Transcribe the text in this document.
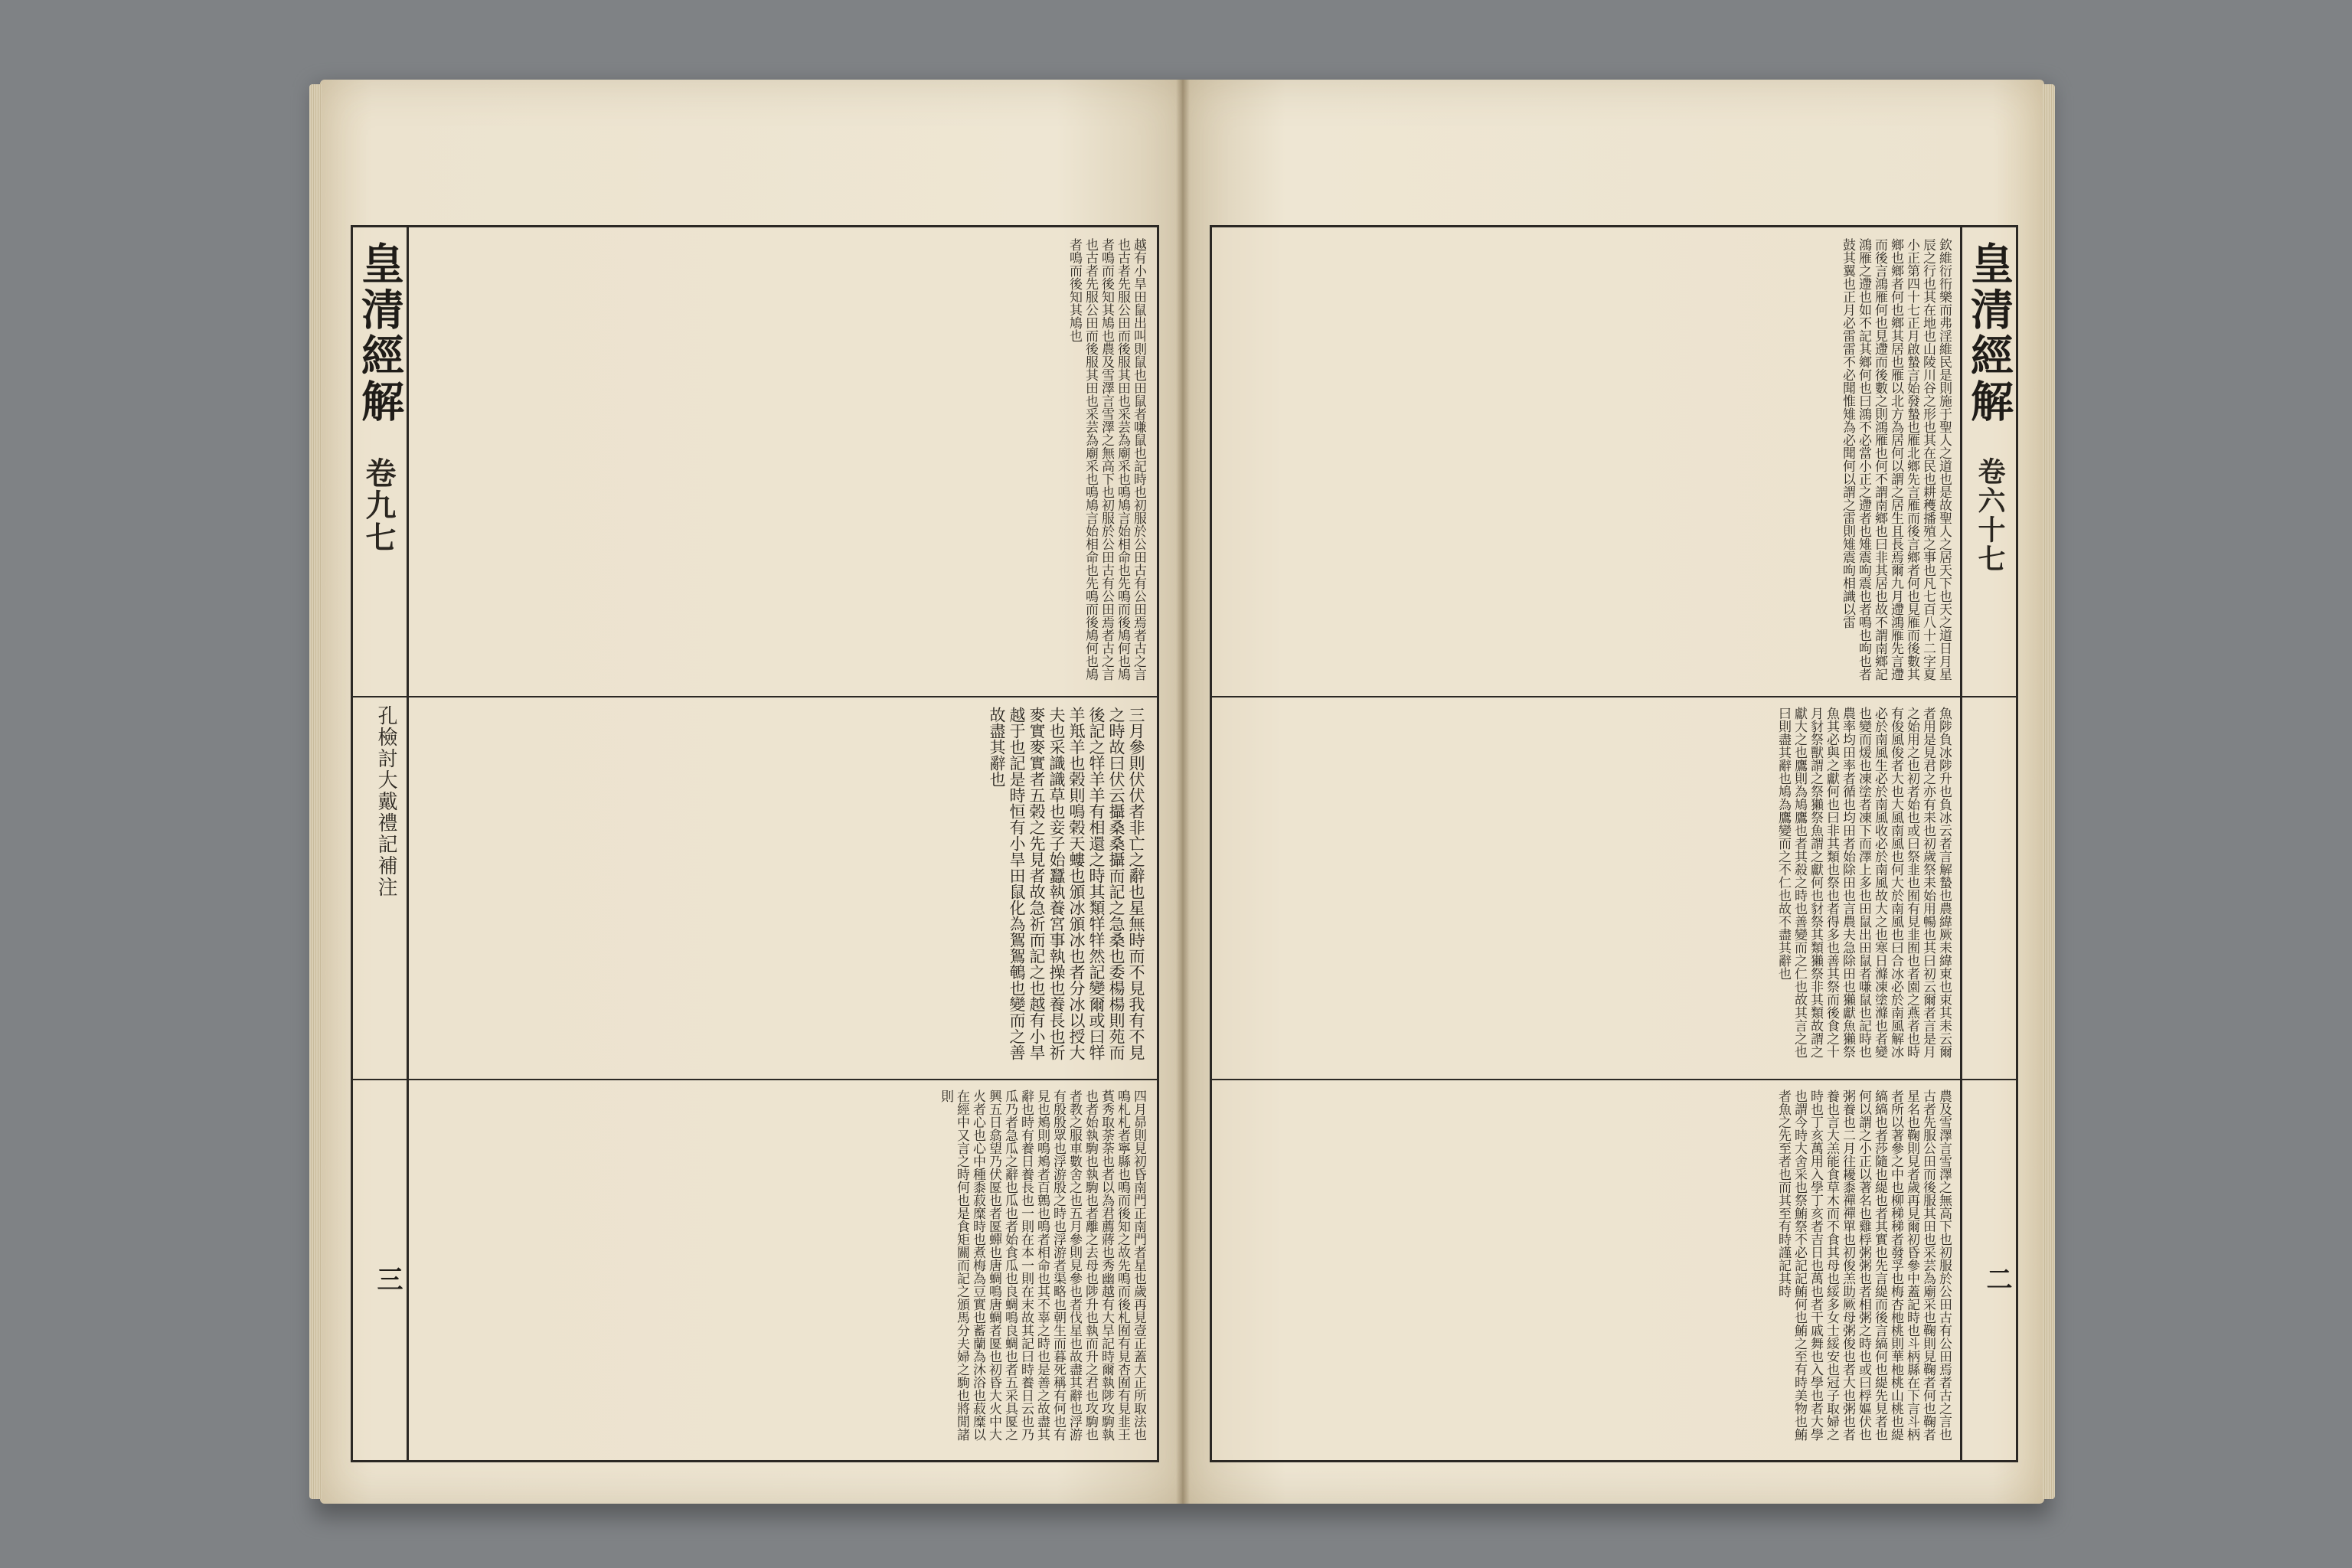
皇清經解
卷九七
孔檢討大戴禮記補注
三

越有小旱田鼠出叫則鼠也田鼠者嗛鼠也記時也初服於公田古有公田焉者古之言也古者先服公田而後服其田也采芸為廟采也鳴鳩言始相命也先鳴而後鳩何也鳩者鳴而後知其鳩也農及雪澤言雪澤之無高下也初服於公田古有公田焉者古之言也古者先服公田而後服其田也采芸為廟采也鳴鳩言始相命也先鳴而後鳩何也鳩者鳴而後知其鳩也

三月參則伏伏者非亡之辭也星無時而不見我有不見之時故曰伏云攝桑桑攝而記之急桑也委楊楊則苑而後記之䍧羊羊有相還之時其類䍧䍧然記變爾或曰䍧羊羝羊也榖則鳴榖天螻也頒冰頒冰也者分冰以授大夫也采識識草也妾子始蠶執養宮事執操也養長也祈麥實麥實者五榖之先見者故急祈而記之也越有小旱越于也記是時恒有小旱田鼠化為鴽鴽鵪也變而之善故盡其辭也

四月昴則見初昏南門正南門者星也歲再見壹正蓋大正所取法也鳴札札者寧縣也鳴而後知之故先鳴而後札囿有見杏囿有見韭王萯秀取荼荼也者以為君薦蔣也秀幽越有大旱記時爾執陟攻駒執也者始執駒也執駒也者離之去母也陟升也執而升之君也攻駒也者教之服車數舍之也五月參則見參也者伐星也故盡其辭也浮游有殷殷眾也浮游殷之時也浮游者渠略也朝生而暮死稱有何也有見也鴂則鳴鴂者百鷯也鳴者相命也其不辜之時也是善之故盡其辭也時有養日養長也一則在本一則在末故其記曰時養日云也乃瓜乃者急瓜之辭也瓜也者始食瓜也良蜩鳴良蜩也者五采具匽之興五日翕望乃伏匽也者匽蟬也唐蜩鳴唐蜩者匽也初昏大火中大火者心也心中種黍菽糜時也煮梅為豆實也蓄蘭為沐浴也菽糜以在經中又言之時何也是食矩關而記之頒馬分夫婦之駒也將閒諸則

皇清經解
卷六十七
二

欽維衍衎樂而弗淫維民是則施于聖人之道也是故聖人之居天下也天之道日月星辰之行也其在地也山陵川谷之形也其在民也耕穫播殖之事也凡七百八十二字夏小正第四十七正月啟蟄言始發蟄也雁北鄉先言雁而後言鄉者何也見雁而後數其鄉也鄉者何也鄉其居也雁以北方為居何以謂之居生且長焉爾九月遰鴻雁先言遰而後言鴻雁何也見遰而後數之則鴻雁也何不謂南鄉也曰非其居也故不謂南鄉記鴻雁之遰也如不記其鄉何也曰鴻不必當小正之遰者也雉震呴震也者鳴也呴也者鼓其翼也正月必雷雷不必聞惟雉為必聞何以謂之雷則雉震呴相識以雷

魚陟負冰陟升也負冰云者言解蟄也農緯厥耒緯東也束其耒云爾者用是見君之亦有耒也初歲祭耒始用暢也其曰初云爾者言是月之始用之也初者始也或曰祭韭也囿有見韭囿也者園之燕者也時有俊風俊者大也大風南風也何大於南風也曰合冰必於南風解冰必於南風生必於南風收必於南風故大之也寒日滌凍塗滌也者變也變而煖也凍塗者凍下而澤上多也田鼠出田鼠者嗛鼠也記時也農率均田率者循也均田者始除田也言農夫急除田也獺獻魚獺祭魚其必與之獻何也曰非其類也祭也者得多也善其祭而後食之十月豺祭獸謂之祭獺祭魚謂之獻何也豺祭其類獺祭非其類故謂之獻大之也鷹則為鳩鷹也者其殺之時也善變而之仁也故其言之也曰則盡其辭也鳩為鷹變而之不仁也故不盡其辭也

農及雪澤言雪澤之無高下也初服於公田古有公田焉者古之言也古者先服公田而後服其田也采芸為廟采也鞠則見鞠者何也鞠者星名也鞠則見者歲再見爾初昏參中蓋記時也斗柄縣在下言斗柄者所以著參之中也柳稊稊者發孚也梅杏杝桃則華杝桃山桃也緹縞縞也者莎隨也緹也者其實也先言緹而後言縞何也緹先見者也何以謂之小正以著名也雞桴粥粥也者相粥之時也或曰桴嫗伏也粥養也二月往耰黍禪禪單也初俊羔助厥母粥俊也者大也粥也者養也言大羔能食草木而不食其母也綏多女士綏安也冠子取婦之時也丁亥萬用入學丁亥者吉日也萬也者干戚舞也入學也者大學也謂今時大舍采也祭鮪祭不必記記鮪何也鮪之至有時美物也鮪者魚之先至者也而其至有時謹記其時
